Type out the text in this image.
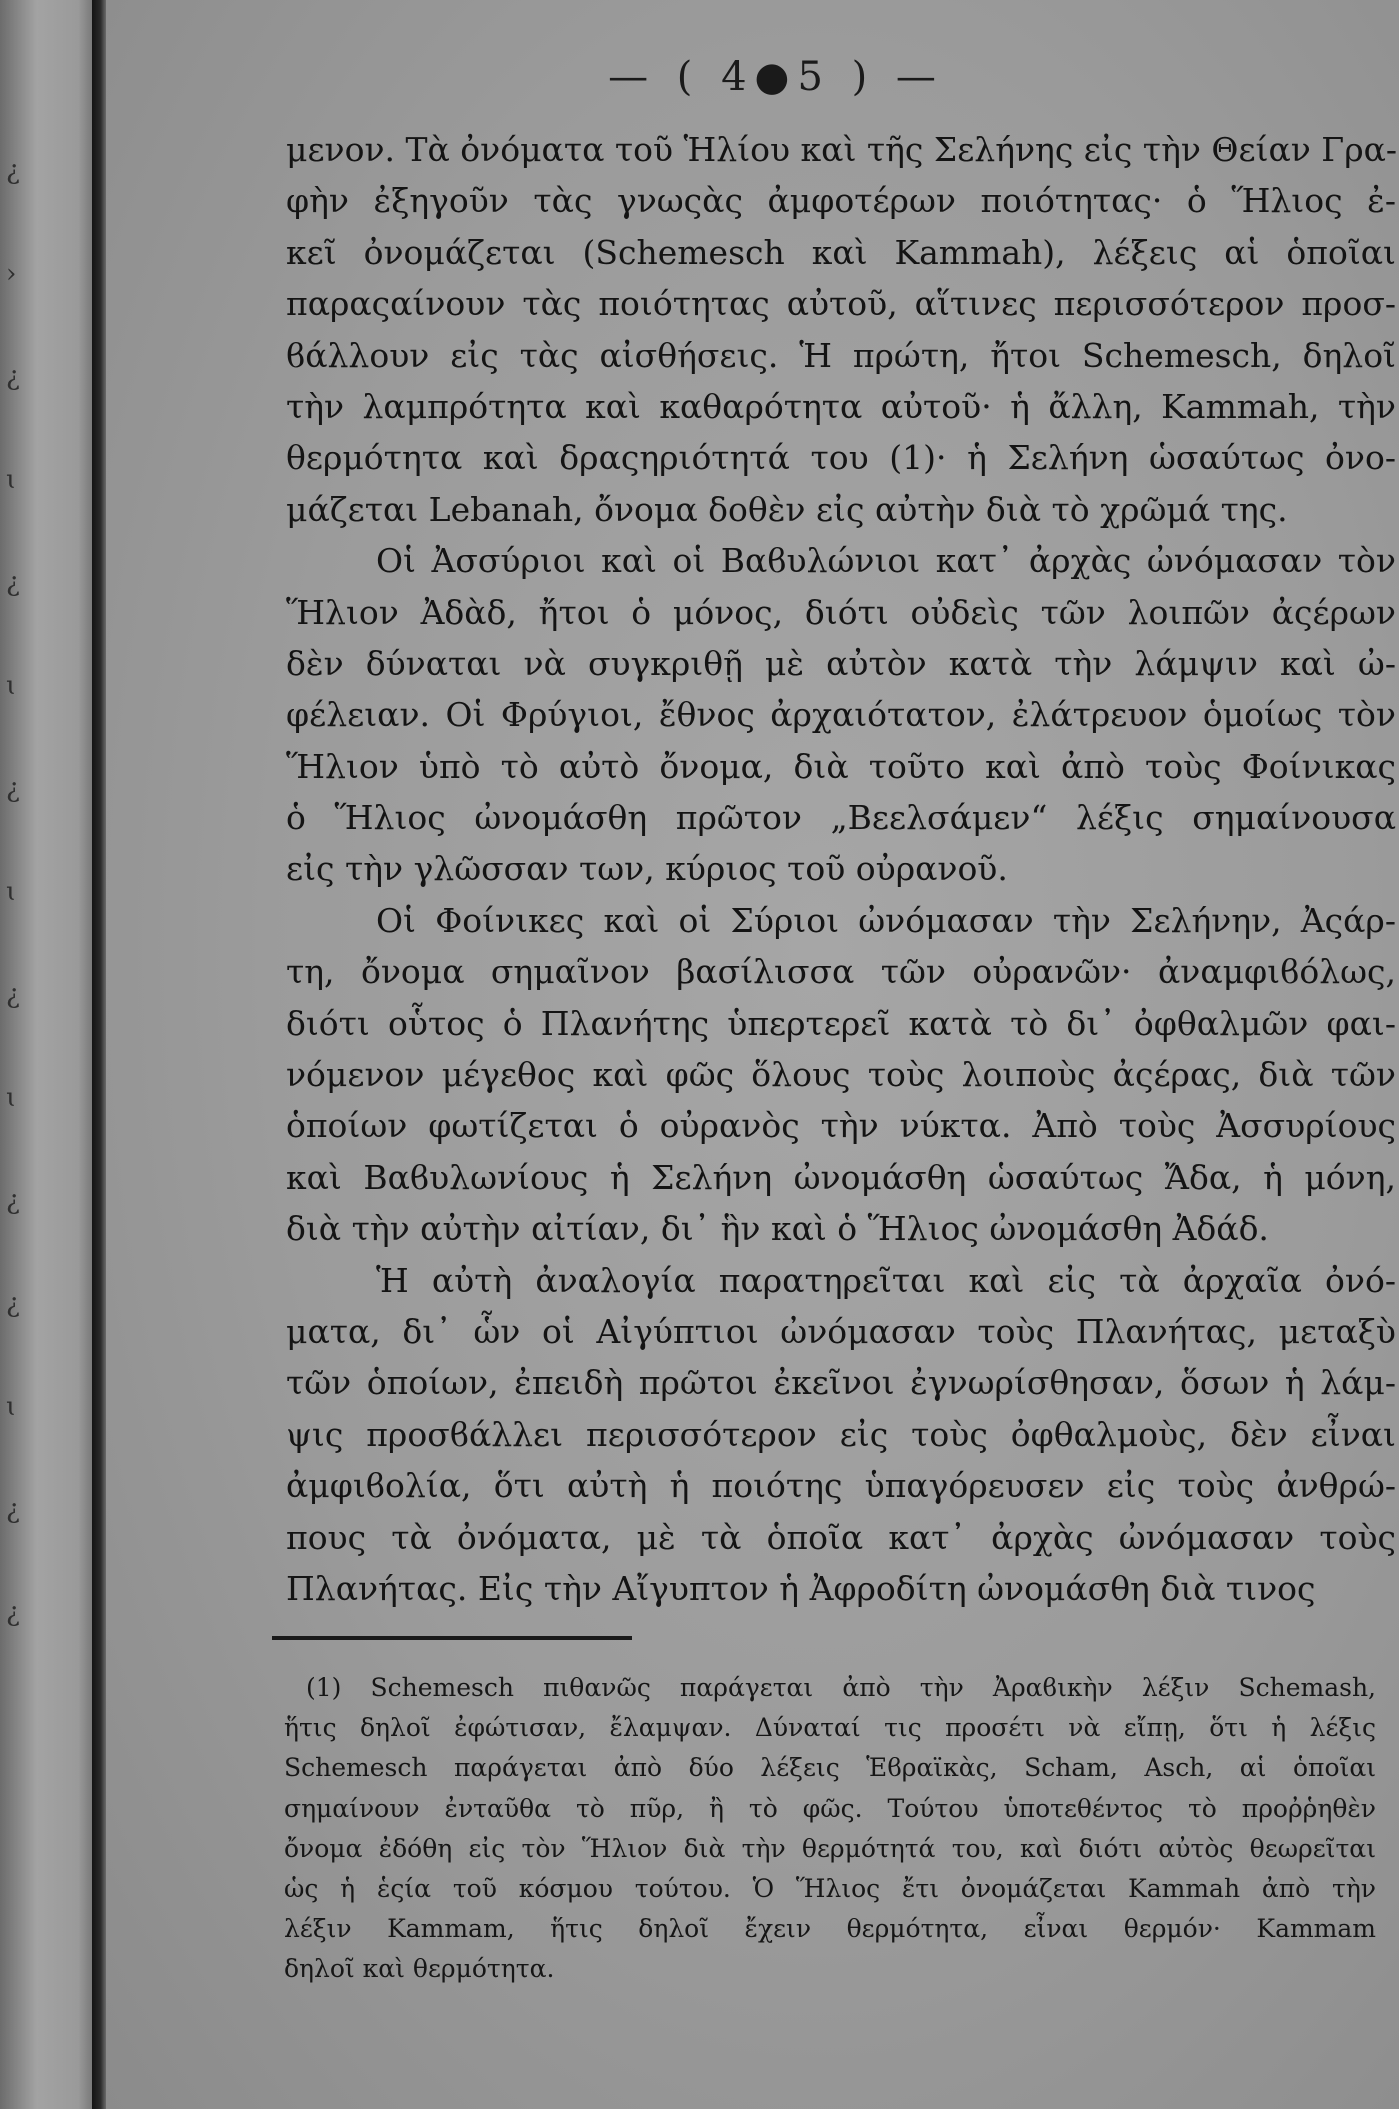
¿
›
¿
ɩ
¿
ɩ
¿
ɩ
¿
ɩ
¿
¿
ɩ
¿
¿
— ( 4●5 ) —
μενον. Τὰ ὀνόματα τοῦ Ἡλίου καὶ τῆς Σελήνης εἰς τὴν Θείαν Γρα-
φὴν ἐξηγοῦν τὰς γνωςὰς ἀμφοτέρων ποιότητας· ὁ Ἥλιος ἐ-
κεῖ ὀνομάζεται (Schemesch καὶ Kammah), λέξεις αἱ ὁποῖαι
παραςαίνουν τὰς ποιότητας αὐτοῦ, αἵτινες περισσότερον προσ-
ϐάλλουν εἰς τὰς αἰσθήσεις. Ἡ πρώτη, ἤτοι Schemesch, δηλοῖ
τὴν λαμπρότητα καὶ καθαρότητα αὐτοῦ· ἡ ἄλλη, Kammah, τὴν
θερμότητα καὶ δραςηριότητά του (1)· ἡ Σελήνη ὡσαύτως ὀνο-
μάζεται Lebanah, ὄνομα δοθὲν εἰς αὐτὴν διὰ τὸ χρῶμά της.
Οἱ Ἀσσύριοι καὶ οἱ Βαϐυλώνιοι κατ᾽ ἀρχὰς ὠνόμασαν τὸν
Ἥλιον Ἀδὰδ, ἤτοι ὁ μόνος, διότι οὐδεὶς τῶν λοιπῶν ἀςέρων
δὲν δύναται νὰ συγκριθῇ μὲ αὐτὸν κατὰ τὴν λάμψιν καὶ ὠ-
φέλειαν. Οἱ Φρύγιοι, ἔθνος ἀρχαιότατον, ἐλάτρευον ὁμοίως τὸν
Ἥλιον ὑπὸ τὸ αὐτὸ ὄνομα, διὰ τοῦτο καὶ ἀπὸ τοὺς Φοίνικας
ὁ Ἥλιος ὠνομάσθη πρῶτον „Βεελσάμεν“ λέξις σημαίνουσα
εἰς τὴν γλῶσσαν των, κύριος τοῦ οὐρανοῦ.
Οἱ Φοίνικες καὶ οἱ Σύριοι ὠνόμασαν τὴν Σελήνην, Ἀςάρ-
τη, ὄνομα σημαῖνον βασίλισσα τῶν οὐρανῶν· ἀναμφιϐόλως,
διότι οὗτος ὁ Πλανήτης ὑπερτερεῖ κατὰ τὸ δι᾽ ὀφθαλμῶν φαι-
νόμενον μέγεθος καὶ φῶς ὅλους τοὺς λοιποὺς ἀςέρας, διὰ τῶν
ὁποίων φωτίζεται ὁ οὐρανὸς τὴν νύκτα. Ἀπὸ τοὺς Ἀσσυρίους
καὶ Βαϐυλωνίους ἡ Σελήνη ὠνομάσθη ὡσαύτως Ἄδα, ἡ μόνη,
διὰ τὴν αὐτὴν αἰτίαν, δι᾽ ἣν καὶ ὁ Ἥλιος ὠνομάσθη Ἀδάδ.
Ἡ αὐτὴ ἀναλογία παρατηρεῖται καὶ εἰς τὰ ἀρχαῖα ὀνό-
ματα, δι᾽ ὧν οἱ Αἰγύπτιοι ὠνόμασαν τοὺς Πλανήτας, μεταξὺ
τῶν ὁποίων, ἐπειδὴ πρῶτοι ἐκεῖνοι ἐγνωρίσθησαν, ὅσων ἡ λάμ-
ψις προσϐάλλει περισσότερον εἰς τοὺς ὀφθαλμοὺς, δὲν εἶναι
ἀμφιϐολία, ὅτι αὐτὴ ἡ ποιότης ὑπαγόρευσεν εἰς τοὺς ἀνθρώ-
πους τὰ ὀνόματα, μὲ τὰ ὁποῖα κατ᾽ ἀρχὰς ὠνόμασαν τοὺς
Πλανήτας. Εἰς τὴν Αἴγυπτον ἡ Ἀφροδίτη ὠνομάσθη διὰ τινος
(1) Schemesch πιθανῶς παράγεται ἀπὸ τὴν Ἀραϐικὴν λέξιν Schemash,
ἥτις δηλοῖ ἐφώτισαν, ἔλαμψαν. Δύναταί τις προσέτι νὰ εἴπῃ, ὅτι ἡ λέξις
Schemesch παράγεται ἀπὸ δύο λέξεις Ἑϐραϊκὰς, Scham, Asch, αἱ ὁποῖαι
σημαίνουν ἐνταῦθα τὸ πῦρ, ἢ τὸ φῶς. Τούτου ὑποτεθέντος τὸ προῤῥηθὲν
ὄνομα ἐδόθη εἰς τὸν Ἥλιον διὰ τὴν θερμότητά του, καὶ διότι αὐτὸς θεωρεῖται
ὡς ἡ ἑςία τοῦ κόσμου τούτου. Ὁ Ἥλιος ἔτι ὀνομάζεται Kammah ἀπὸ τὴν
λέξιν Kammam, ἥτις δηλοῖ ἔχειν θερμότητα, εἶναι θερμόν· Kammam
δηλοῖ καὶ θερμότητα.
